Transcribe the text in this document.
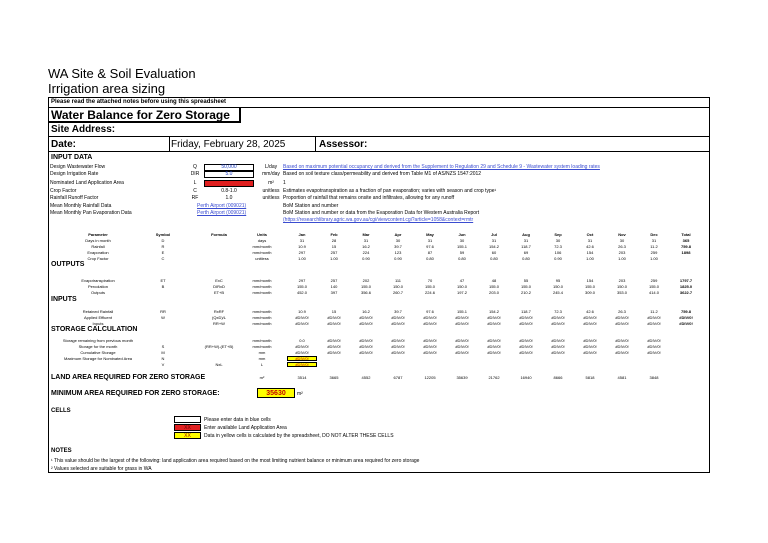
WA Site & Soil Evaluation
Irrigation area sizing
Please read the attached notes before using this spreadsheet
Water Balance for Zero Storage
Site Address:
Date:	Friday, February 28, 2025	Assessor:
INPUT DATA
Design Wastewater Flow	Q	50,000	L/day	Based on maximum potential occupancy and derived from the Supplement to Regulation 29 and Schedule 9 - Wastewater system loading rates
Design Irrigation Rate	DIR	5.0	mm/day Based on soil texture class/permeability and derived from Table M1 of AS/NZS 1547:2012
Nominated Land Application Area	L	m²	1
Crop Factor	C	0.8-1.0	unitless Estimates evapotranspiration as a fraction of pan evaporation; varies with season and crop type¹
Rainfall Runoff Factor	RF	1.0	unitless Proportion of rainfall that remains onsite and infiltrates, allowing for any runoff
Mean Monthly Rainfall Data	Perth Airport (009021)	BoM Station and number
Mean Monthly Pan Evaporation Data	Perth Airport (009021)	BoM Station and number or data from the Evaporation Data for Western Australia Report
(https://researchlibrary.agric.wa.gov.au/cgi/viewcontent.cgi?article=1058&context=rmtr
Parameter	Symbol	Formula	Units	Jan	Feb	Mar	Apr	May	Jun	Jul	Aug	Sep	Oct	Nov	Dec	Total
Days in month	D	days	31	28	31	30	31	30	31	31	30	31	30	31	365
Rainfall	R	mm/month	10.9	15	16.2	39.7	97.6	155.1	154.2	118.7	72.3	42.6	26.3	11.2	759.8
Evaporation	E	mm/month	297	257	224	123	87	59	60	69	106	154	203	259	1898
Crop Factor	C	unitless	1.00	1.00	0.90	0.90	0.80	0.80	0.80	0.80	0.90	1.00	1.00	1.00
OUTPUTS
Evapotranspiration	ET	ExC	mm/month	297	257	202	111	70	47	48	55	95	154	203	259	1797.7
Percolation	B	DIRxD	mm/month	155.0	140	155.0	150.0	155.0	150.0	155.0	155.0	150.0	155.0	150.0	155.0	1825.0
Outputs	ET+B	mm/month	452.0	397	356.6	260.7	224.6	197.2	203.0	210.2	245.4	309.0	353.0	414.0	3622.7
INPUTS
Retained Rainfall	RR	RxRF	mm/month	10.9	15	16.2	39.7	97.6	155.1	154.2	118.7	72.3	42.6	26.3	11.2	759.8
Applied Effluent	W	(QxD)/L	mm/month	#DIV/0!	#DIV/0!	#DIV/0!	#DIV/0!	#DIV/0!	#DIV/0!	#DIV/0!	#DIV/0!	#DIV/0!	#DIV/0!	#DIV/0!	#DIV/0!	#DIV/0!
Inputs	RR+W	mm/month	#DIV/0!	#DIV/0!	#DIV/0!	#DIV/0!	#DIV/0!	#DIV/0!	#DIV/0!	#DIV/0!	#DIV/0!	#DIV/0!	#DIV/0!	#DIV/0!	#DIV/0!
STORAGE CALCULATION
Storage remaining from previous month	mm/month	0.0	#DIV/0!	#DIV/0!	#DIV/0!	#DIV/0!	#DIV/0!	#DIV/0!	#DIV/0!	#DIV/0!	#DIV/0!	#DIV/0!	#DIV/0!
Storage for the month	S	(RR+W)-(ET+B)	mm/month	#DIV/0!	#DIV/0!	#DIV/0!	#DIV/0!	#DIV/0!	#DIV/0!	#DIV/0!	#DIV/0!	#DIV/0!	#DIV/0!	#DIV/0!	#DIV/0!
Cumulative Storage	M	mm	#DIV/0!	#DIV/0!	#DIV/0!	#DIV/0!	#DIV/0!	#DIV/0!	#DIV/0!	#DIV/0!	#DIV/0!	#DIV/0!	#DIV/0!	#DIV/0!
Maximum Storage for Nominated Area	N	mm	#DIV/0!
V	NxL	L	#DIV/0!
LAND AREA REQUIRED FOR ZERO STORAGE	m²	3514	3665	4552	6787	12205	35639	21762	16940	8666	5818	4581	3848
MINIMUM AREA REQUIRED FOR ZERO STORAGE:	35630	m²
CELLS
Please enter data in blue cells
XX	Enter available Land Application Area
XX	Data in yellow cells is calculated by the spreadsheet, DO NOT ALTER THESE CELLS
NOTES
¹ This value should be the largest of the following: land application area required based on the most limiting nutrient balance or minimum area required for zero storage
² Values selected are suitable for grass in WA
